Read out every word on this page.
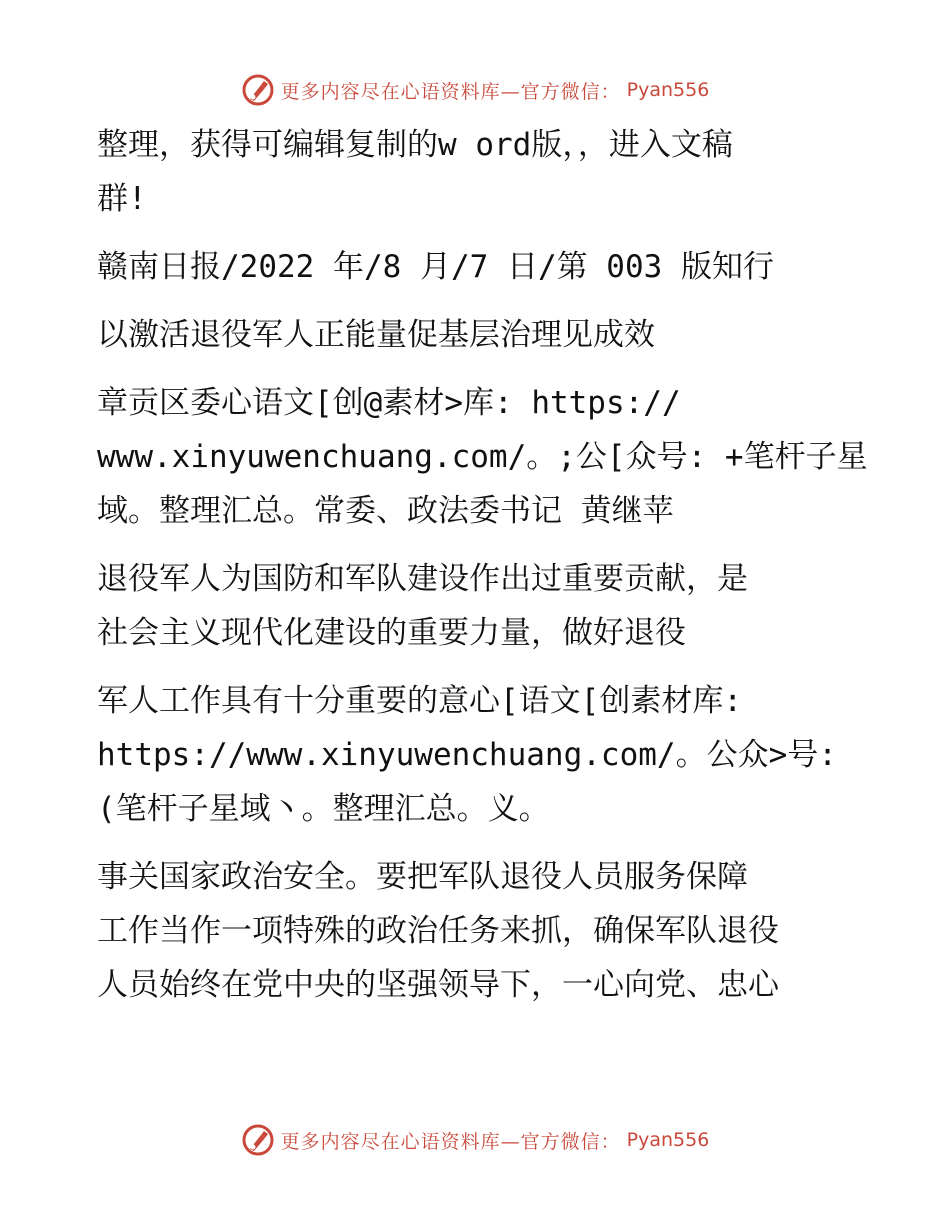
更多内容尽在心语资料库—官方微信： Pyan556

整理，获得可编辑复制的w ord版，，进入文稿
群!

赣南日报/2022 年/8 月/7 日/第 003 版知行

以激活退役军人正能量促基层治理见成效

章贡区委心语文[创@素材>库: https://
www.xinyuwenchuang.com/。;公[众号: +笔杆子星
域。整理汇总。常委、政法委书记 黄继苹

退役军人为国防和军队建设作出过重要贡献，是
社会主义现代化建设的重要力量，做好退役

军人工作具有十分重要的意心[语文[创素材库:
https://www.xinyuwenchuang.com/。公众>号:
(笔杆子星域丶。整理汇总。义。

事关国家政治安全。要把军队退役人员服务保障
工作当作一项特殊的政治任务来抓，确保军队退役
人员始终在党中央的坚强领导下，一心向党、忠心

更多内容尽在心语资料库—官方微信： Pyan556
